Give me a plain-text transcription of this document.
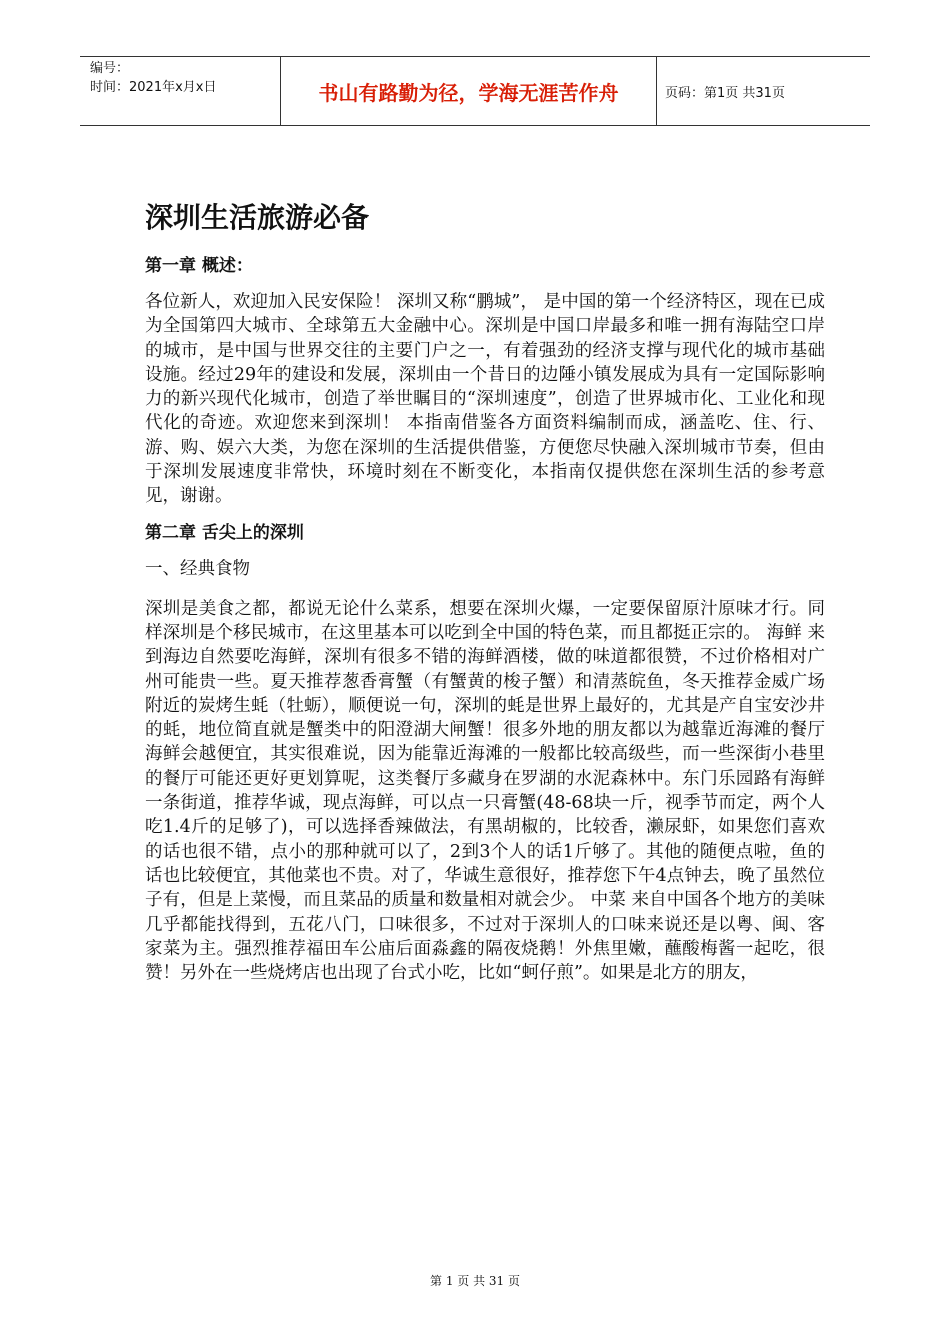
编号：
时间：2021年x月x日	书山有路勤为径，学海无涯苦作舟	页码：第1页 共31页
深圳生活旅游必备
第一章 概述：

各位新人，欢迎加入民安保险！ 深圳又称“鹏城”， 是中国的第一个经济特区，现在已成为全国第四大城市、全球第五大金融中心。深圳是中国口岸最多和唯一拥有海陆空口岸的城市，是中国与世界交往的主要门户之一，有着强劲的经济支撑与现代化的城市基础设施。经过29年的建设和发展，深圳由一个昔日的边陲小镇发展成为具有一定国际影响力的新兴现代化城市，创造了举世瞩目的“深圳速度”，创造了世界城市化、工业化和现代化的奇迹。欢迎您来到深圳！ 本指南借鉴各方面资料编制而成，涵盖吃、住、行、游、购、娱六大类，为您在深圳的生活提供借鉴，方便您尽快融入深圳城市节奏，但由于深圳发展速度非常快，环境时刻在不断变化，本指南仅提供您在深圳生活的参考意见，谢谢。

第二章 舌尖上的深圳
一、经典食物

深圳是美食之都，都说无论什么菜系，想要在深圳火爆，一定要保留原汁原味才行。同样深圳是个移民城市，在这里基本可以吃到全中国的特色菜，而且都挺正宗的。 海鲜 来到海边自然要吃海鲜，深圳有很多不错的海鲜酒楼，做的味道都很赞，不过价格相对广州可能贵一些。夏天推荐葱香膏蟹（有蟹黄的梭子蟹）和清蒸皖鱼，冬天推荐金威广场附近的炭烤生蚝（牡蛎），顺便说一句，深圳的蚝是世界上最好的，尤其是产自宝安沙井的蚝，地位简直就是蟹类中的阳澄湖大闸蟹！很多外地的朋友都以为越靠近海滩的餐厅海鲜会越便宜，其实很难说，因为能靠近海滩的一般都比较高级些，而一些深街小巷里的餐厅可能还更好更划算呢，这类餐厅多藏身在罗湖的水泥森林中。东门乐园路有海鲜一条街道，推荐华诚，现点海鲜，可以点一只膏蟹(48-68块一斤，视季节而定，两个人吃1.4斤的足够了)，可以选择香辣做法，有黑胡椒的，比较香，濑尿虾，如果您们喜欢的话也很不错，点小的那种就可以了，2到3个人的话1斤够了。其他的随便点啦，鱼的话也比较便宜，其他菜也不贵。对了，华诚生意很好，推荐您下午4点钟去，晚了虽然位子有，但是上菜慢，而且菜品的质量和数量相对就会少。 中菜 来自中国各个地方的美味几乎都能找得到，五花八门，口味很多，不过对于深圳人的口味来说还是以粤、闽、客家菜为主。强烈推荐福田车公庙后面淼鑫的隔夜烧鹅！外焦里嫩，蘸酸梅酱一起吃，很赞！另外在一些烧烤店也出现了台式小吃，比如“蚵仔煎”。如果是北方的朋友，

第 1 页 共 31 页
